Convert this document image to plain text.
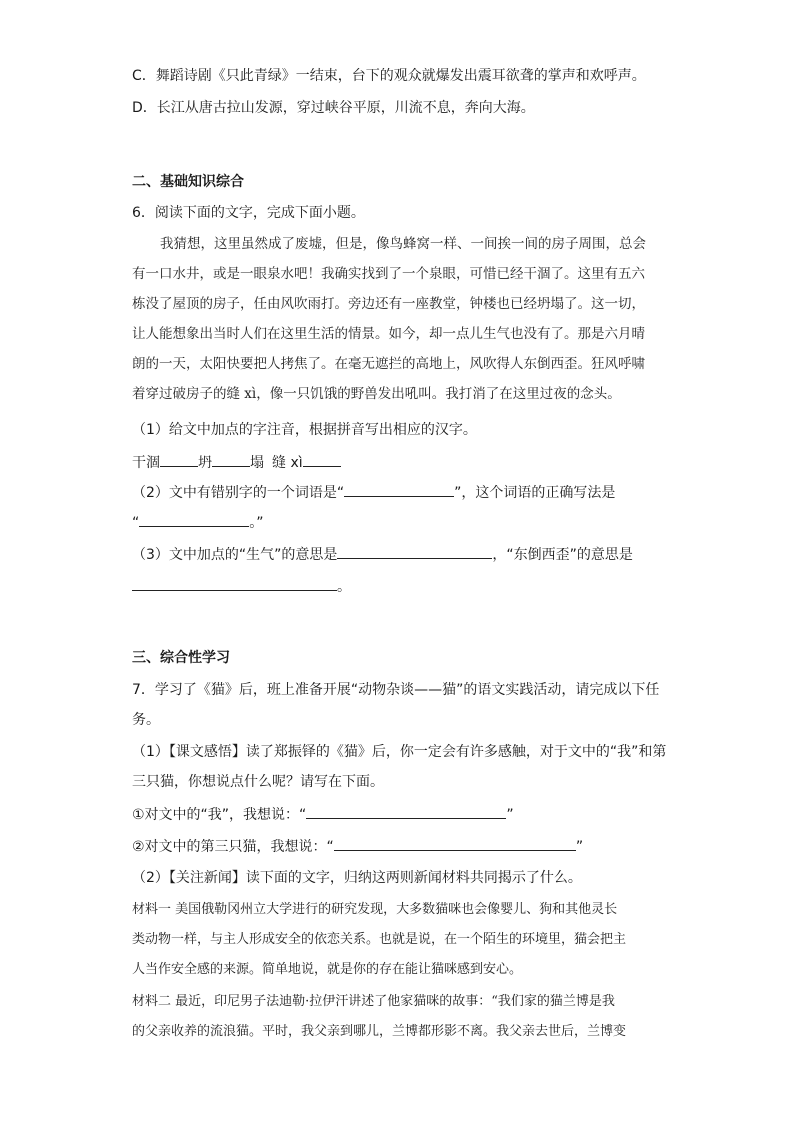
C．舞蹈诗剧《只此青绿》一结束，台下的观众就爆发出震耳欲聋的掌声和欢呼声。
D．长江从唐古拉山发源，穿过峡谷平原，川流不息，奔向大海。
二、基础知识综合
6．阅读下面的文字，完成下面小题。
我猜想，这里虽然成了废墟，但是，像鸟蜂窝一样、一间挨一间的房子周围，总会
有一口水井，或是一眼泉水吧！我确实找到了一个泉眼，可惜已经干涸了。这里有五六
栋没了屋顶的房子，任由风吹雨打。旁边还有一座教堂，钟楼也已经坍塌了。这一切，
让人能想象出当时人们在这里生活的情景。如今，却一点儿生气也没有了。那是六月晴
朗的一天，太阳快要把人拷焦了。在毫无遮拦的高地上，风吹得人东倒西歪。狂风呼啸
着穿过破房子的缝 xì，像一只饥饿的野兽发出吼叫。我打消了在这里过夜的念头。
（1）给文中加点的字注音，根据拼音写出相应的汉字。
干涸	坍	塌 缝 xì
（2）文中有错别字的一个词语是“	”，这个词语的正确写法是
“	。”
（3）文中加点的“生气”的意思是	，“东倒西歪”的意思是
。
三、综合性学习
7．学习了《猫》后，班上准备开展“动物杂谈——猫”的语文实践活动，请完成以下任
务。
（1）【课文感悟】读了郑振铎的《猫》后，你一定会有许多感触，对于文中的“我”和第
三只猫，你想说点什么呢？请写在下面。
①对文中的“我”，我想说：“	”
②对文中的第三只猫，我想说：“	”
（2）【关注新闻】读下面的文字，归纳这两则新闻材料共同揭示了什么。
材料一 美国俄勒冈州立大学进行的研究发现，大多数猫咪也会像婴儿、狗和其他灵长
类动物一样，与主人形成安全的依恋关系。也就是说，在一个陌生的环境里，猫会把主
人当作安全感的来源。简单地说，就是你的存在能让猫咪感到安心。
材料二 最近，印尼男子法迪勒·拉伊汗讲述了他家猫咪的故事：“我们家的猫兰博是我
的父亲收养的流浪猫。平时，我父亲到哪儿，兰博都形影不离。我父亲去世后，兰博变
